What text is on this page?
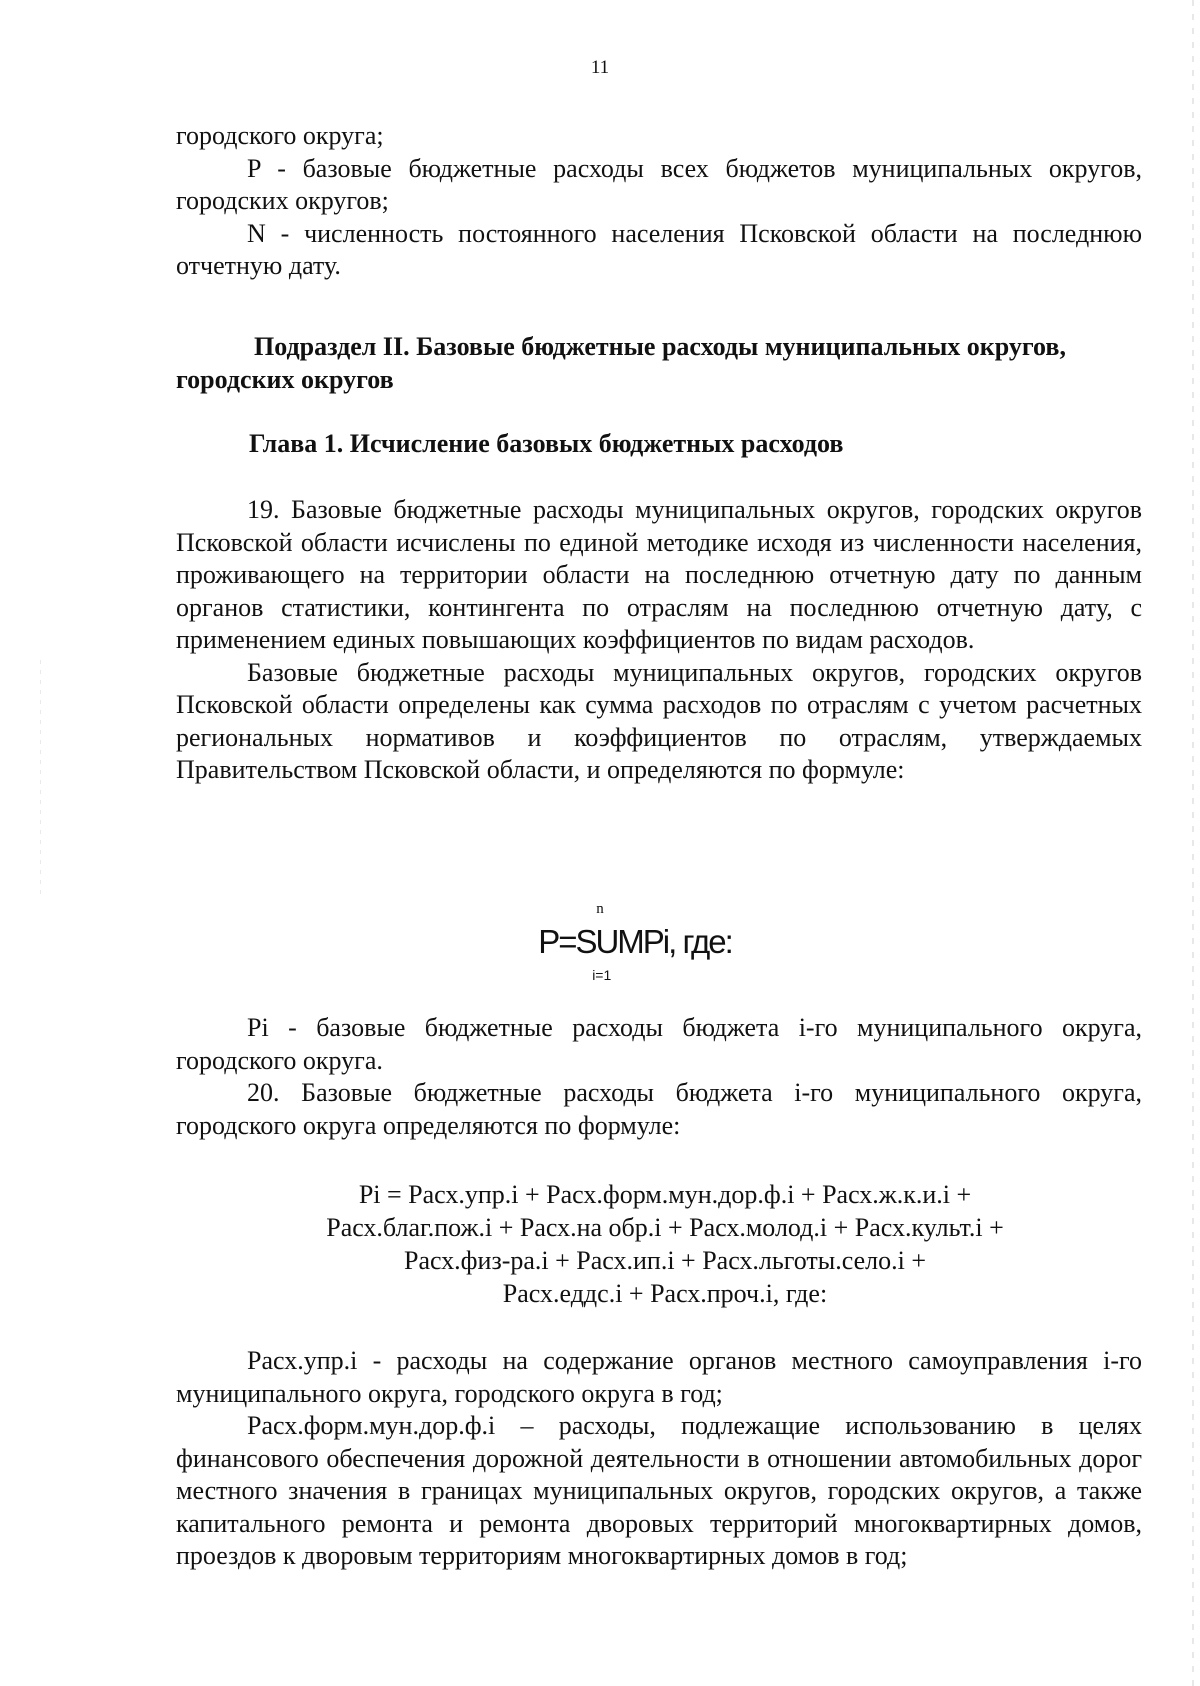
11

городского округа;

P - базовые бюджетные расходы всех бюджетов муниципальных округов, городских округов;

N - численность постоянного населения Псковской области на последнюю отчетную дату.

Подраздел II. Базовые бюджетные расходы муниципальных округов,

городских округов

Глава 1. Исчисление базовых бюджетных расходов

19. Базовые бюджетные расходы муниципальных округов, городских округов Псковской области исчислены по единой методике исходя из численности населения, проживающего на территории области на последнюю отчетную дату по данным органов статистики, контингента по отраслям на последнюю отчетную дату, с применением единых повышающих коэффициентов по видам расходов.

Базовые бюджетные расходы муниципальных округов, городских округов Псковской области определены как сумма расходов по отраслям с учетом расчетных региональных нормативов и коэффициентов по отраслям, утверждаемых Правительством Псковской области, и определяются по формуле:

n
P=SUMPi, где:
i=1

Pi - базовые бюджетные расходы бюджета i-го муниципального округа, городского округа.

20. Базовые бюджетные расходы бюджета i-го муниципального округа, городского округа определяются по формуле:

Pi = Расх.упр.i + Расх.форм.мун.дор.ф.i + Расх.ж.к.и.i +
Расх.благ.пож.i + Расх.на обр.i + Расх.молод.i + Расх.культ.i +
Расх.физ-ра.i + Расх.ип.i + Расх.льготы.село.i +
Расх.еддс.i + Расх.проч.i, где:

Расх.упр.i - расходы на содержание органов местного самоуправления i-го муниципального округа, городского округа в год;

Расх.форм.мун.дор.ф.i – расходы, подлежащие использованию в целях финансового обеспечения дорожной деятельности в отношении автомобильных дорог местного значения в границах муниципальных округов, городских округов, а также капитального ремонта и ремонта дворовых территорий многоквартирных домов, проездов к дворовым территориям многоквартирных домов в год;
